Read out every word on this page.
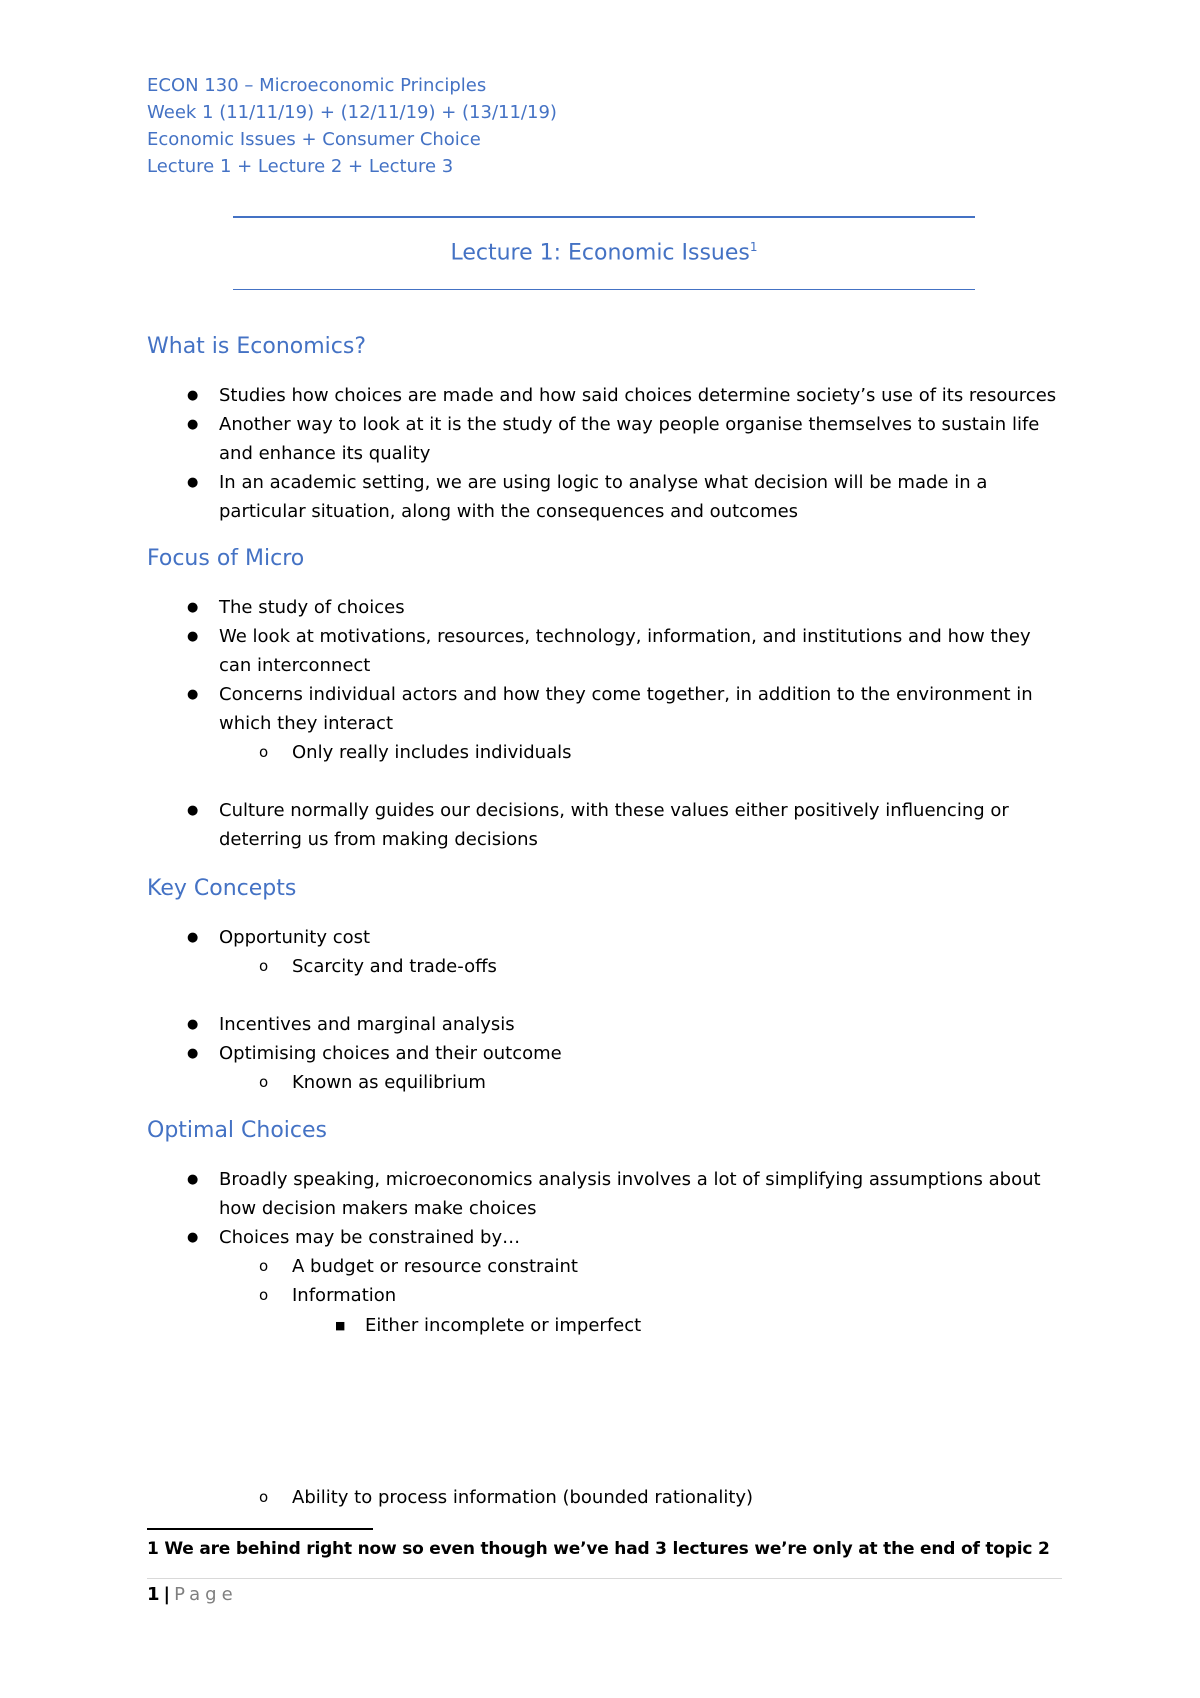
ECON 130 – Microeconomic Principles
Week 1 (11/11/19) + (12/11/19) + (13/11/19)
Economic Issues + Consumer Choice
Lecture 1 + Lecture 2 + Lecture 3
Lecture 1: Economic Issues$^1$
What is Economics?
● Studies how choices are made and how said choices determine society’s use of its resources
● Another way to look at it is the study of the way people organise themselves to sustain life
and enhance its quality
● In an academic setting, we are using logic to analyse what decision will be made in a
particular situation, along with the consequences and outcomes
Focus of Micro
● The study of choices
● We look at motivations, resources, technology, information, and institutions and how they
can interconnect
● Concerns individual actors and how they come together, in addition to the environment in
which they interact
o Only really includes individuals
● Culture normally guides our decisions, with these values either positively influencing or
deterring us from making decisions
Key Concepts
● Opportunity cost
o Scarcity and trade-offs
● Incentives and marginal analysis
● Optimising choices and their outcome
o Known as equilibrium
Optimal Choices
● Broadly speaking, microeconomics analysis involves a lot of simplifying assumptions about
how decision makers make choices
● Choices may be constrained by…
o A budget or resource constraint
o Information
■ Either incomplete or imperfect
o Ability to process information (bounded rationality)
1 We are behind right now so even though we’ve had 3 lectures we’re only at the end of topic 2
1 | Page
